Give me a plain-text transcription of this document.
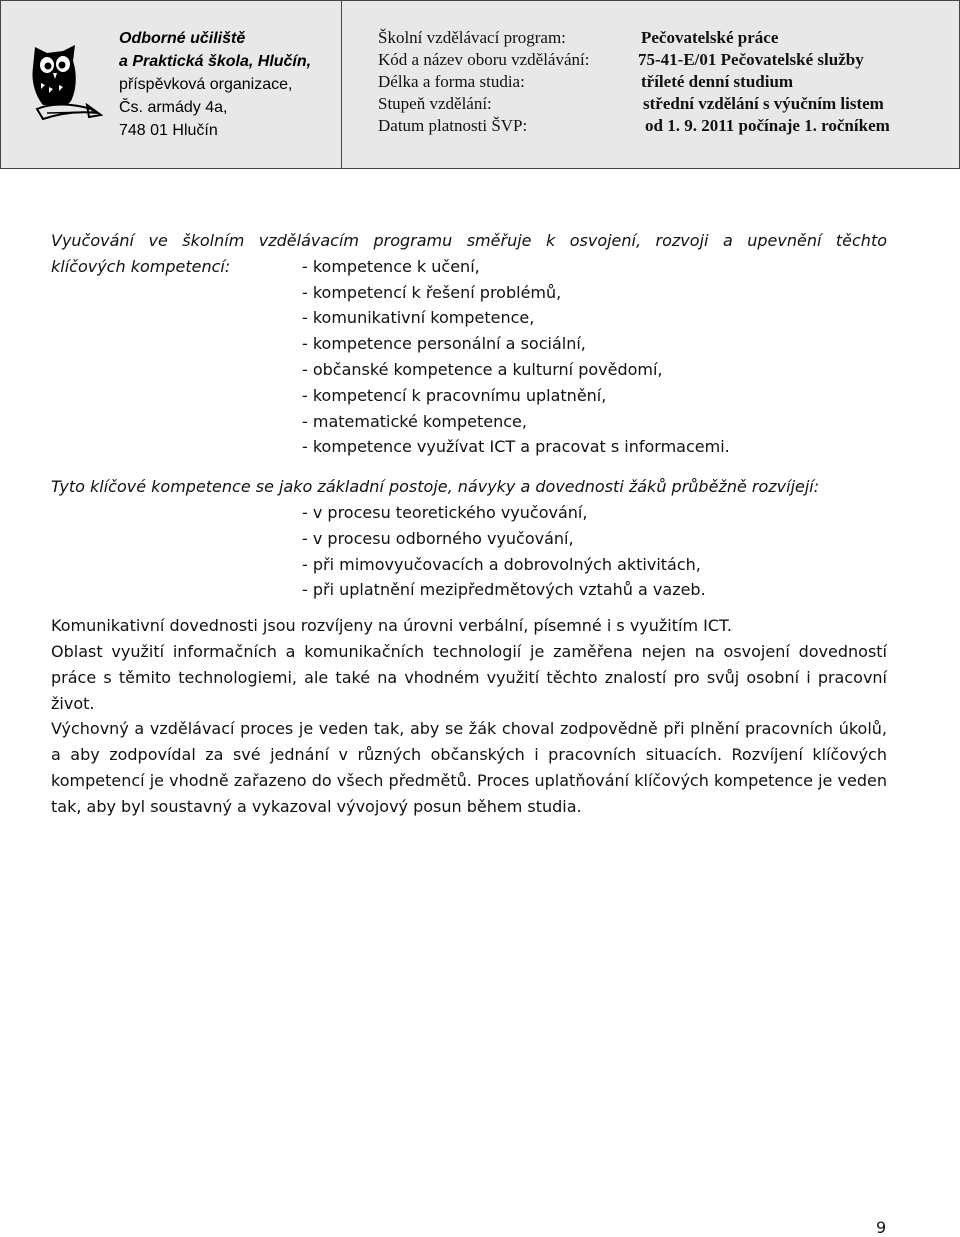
Odborné učiliště
a Praktická škola, Hlučín,
příspěvková organizace,
Čs. armády 4a,
748 01 Hlučín
Školní vzdělávací program:	Pečovatelské práce
Kód a název oboru vzdělávání:	75-41-E/01 Pečovatelské služby
Délka a forma studia:	tříleté denní studium
Stupeň vzdělání:	střední vzdělání s výučním listem
Datum platnosti ŠVP:	od 1. 9. 2011 počínaje 1. ročníkem
Vyučování ve školním vzdělávacím programu směřuje k osvojení, rozvoji a upevnění těchto
klíčových kompetencí:	- kompetence k učení,
- kompetencí k řešení problémů,
- komunikativní kompetence,
- kompetence personální a sociální,
- občanské kompetence a kulturní povědomí,
- kompetencí k pracovnímu uplatnění,
- matematické kompetence,
- kompetence využívat ICT a pracovat s informacemi.
Tyto klíčové kompetence se jako základní postoje, návyky a dovednosti žáků průběžně rozvíjejí:
- v procesu teoretického vyučování,
- v procesu odborného vyučování,
- při mimovyučovacích a dobrovolných aktivitách,
- při uplatnění mezipředmětových vztahů a vazeb.

Komunikativní dovednosti jsou rozvíjeny na úrovni verbální, písemné i s využitím ICT.

Oblast využití informačních a komunikačních technologií je zaměřena nejen na osvojení dovedností práce s těmito technologiemi, ale také na vhodném využití těchto znalostí pro svůj osobní i pracovní život.

Výchovný a vzdělávací proces je veden tak, aby se žák choval zodpovědně při plnění pracovních úkolů, a aby zodpovídal za své jednání v různých občanských i pracovních situacích. Rozvíjení klíčových kompetencí je vhodně zařazeno do všech předmětů. Proces uplatňování klíčových kompetence je veden tak, aby byl soustavný a vykazoval vývojový posun během studia.

9
